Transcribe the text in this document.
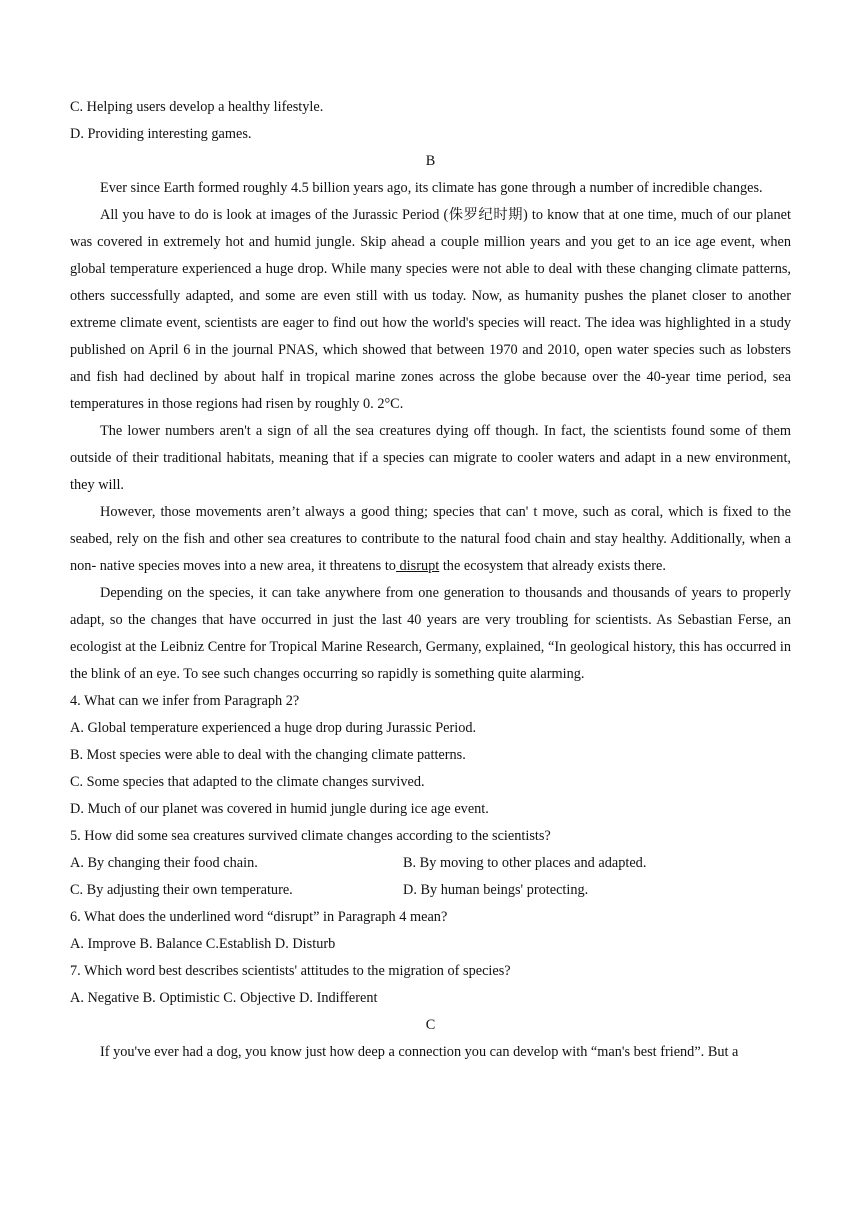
C. Helping users develop a healthy lifestyle.
D. Providing interesting games.
B

Ever since Earth formed roughly 4.5 billion years ago, its climate has gone through a number of incredible changes.

All you have to do is look at images of the Jurassic Period (侏罗纪时期) to know that at one time, much of our planet was covered in extremely hot and humid jungle. Skip ahead a couple million years and you get to an ice age event, when global temperature experienced a huge drop. While many species were not able to deal with these changing climate patterns, others successfully adapted, and some are even still with us today. Now, as humanity pushes the planet closer to another extreme climate event, scientists are eager to find out how the world's species will react. The idea was highlighted in a study published on April 6 in the journal PNAS, which showed that between 1970 and 2010, open water species such as lobsters and fish had declined by about half in tropical marine zones across the globe because over the 40-year time period, sea temperatures in those regions had risen by roughly 0. 2°C.

The lower numbers aren't a sign of all the sea creatures dying off though. In fact, the scientists found some of them outside of their traditional habitats, meaning that if a species can migrate to cooler waters and adapt in a new environment, they will.

However, those movements aren’t always a good thing; species that can' t move, such as coral, which is fixed to the seabed, rely on the fish and other sea creatures to contribute to the natural food chain and stay healthy. Additionally, when a non- native species moves into a new area, it threatens to disrupt the ecosystem that already exists there.

Depending on the species, it can take anywhere from one generation to thousands and thousands of years to properly adapt, so the changes that have occurred in just the last 40 years are very troubling for scientists. As Sebastian Ferse, an ecologist at the Leibniz Centre for Tropical Marine Research, Germany, explained, “In geological history, this has occurred in the blink of an eye. To see such changes occurring so rapidly is something quite alarming.

4. What can we infer from Paragraph 2?
A. Global temperature experienced a huge drop during Jurassic Period.
B. Most species were able to deal with the changing climate patterns.
C. Some species that adapted to the climate changes survived.
D. Much of our planet was covered in humid jungle during ice age event.
5. How did some sea creatures survived climate changes according to the scientists?
A. By changing their food chain.	B. By moving to other places and adapted.
C. By adjusting their own temperature.	D. By human beings' protecting.
6. What does the underlined word “disrupt” in Paragraph 4 mean?
A. Improve B. Balance C.Establish D. Disturb
7. Which word best describes scientists' attitudes to the migration of species?
A. Negative B. Optimistic C. Objective D. Indifferent
C
If you've ever had a dog, you know just how deep a connection you can develop with “man's best friend”. But a
